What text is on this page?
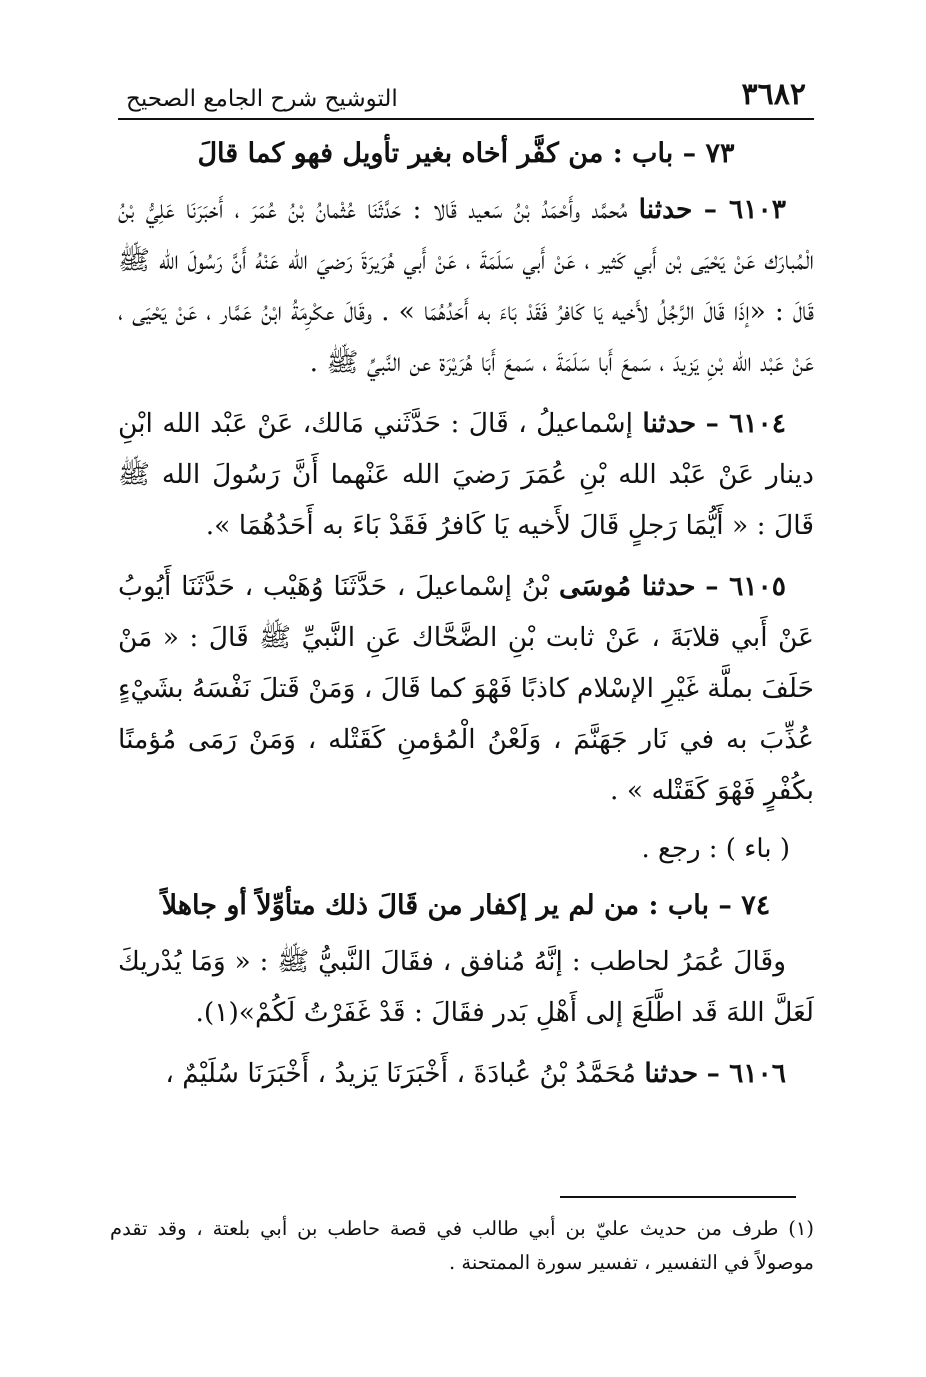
٣٦٨٢
التوشيح شرح الجامع الصحيح
٧٣ – باب : من كفَّر أخاه بغير تأويل فهو كما قالَ

٦١٠٣ – حدثنا مُحمَّد وأَحْمَدُ بْنُ سَعيد قَالا : حَدَّثَنَا عُثْمانُ بْنُ عُمَرَ ، أَخبَرَنَا عَلِيُّ بْنُ الْمُبارَك عَنْ يَحْيَى بْن أَبي كَثير ، عَنْ أَبي سَلَمَةَ ، عَنْ أَبي هُرَيرَةَ رَضيَ الله عَنْهُ أَنَّ رَسُولَ الله ﷺ قَالَ : «إذَا قَالَ الرَّجُلُ لأَخيه يَا كَافرُ فَقَدْ بَاءَ به أَحَدُهُمَا » . وقَالَ عكْرِمَةُ ابْنُ عَمَّار ، عَنْ يَحْيَى ، عَنْ عَبْد الله بْنِ يَزيدَ ، سَمعَ أَبا سَلَمَةَ ، سَمعَ أَبَا هُرَيْرَة عن النَّبيِّ ﷺ .

٦١٠٤ – حدثنا إسْماعيلُ ، قَالَ : حَدَّثَني مَالك، عَنْ عَبْد الله ابْنِ دينار عَنْ عَبْد الله بْنِ عُمَرَ رَضيَ الله عَنْهما أَنَّ رَسُولَ الله ﷺ قَالَ : « أَيُّمَا رَجلٍ قَالَ لأَخيه يَا كَافرُ فَقَدْ بَاءَ به أَحَدُهُمَا ».

٦١٠٥ – حدثنا مُوسَى بْنُ إسْماعيلَ ، حَدَّثَنَا وُهَيْب ، حَدَّثَنَا أَيُوبُ عَنْ أَبي قلابَةَ ، عَنْ ثابت بْنِ الضَّحَّاك عَنِ النَّبيِّ ﷺ قَالَ : « مَنْ حَلَفَ بملَّة غَيْرِ الإسْلام كاذبًا فَهْوَ كما قَالَ ، وَمَنْ قَتلَ نَفْسَهُ بشَيْءٍ عُذِّبَ به في نَار جَهَنَّمَ ، وَلَعْنُ الْمُؤمنِ كَقَتْله ، وَمَنْ رَمَى مُؤمنًا بكُفْرٍ فَهْوَ كَقَتْله » .

( باء ) : رجع .
٧٤ – باب : من لم ير إكفار من قَالَ ذلك متأوِّلاً أو جاهلاً

وقَالَ عُمَرُ لحاطب : إنَّهُ مُنافق ، فقَالَ النَّبيُّ ﷺ : « وَمَا يُدْريكَ لَعَلَّ اللهَ قَد اطَّلَعَ إلى أَهْلِ بَدر فقَالَ : قَدْ غَفَرْتُ لَكُمْ»(١).

٦١٠٦ – حدثنا مُحَمَّدُ بْنُ عُبادَةَ ، أَخْبَرَنَا يَزيدُ ، أَخْبَرَنَا سُلَيْمٌ ،

(١) طرف من حديث عليّ بن أبي طالب في قصة حاطب بن أبي بلعتة ، وقد تقدم موصولاً في التفسير ، تفسير سورة الممتحنة .
